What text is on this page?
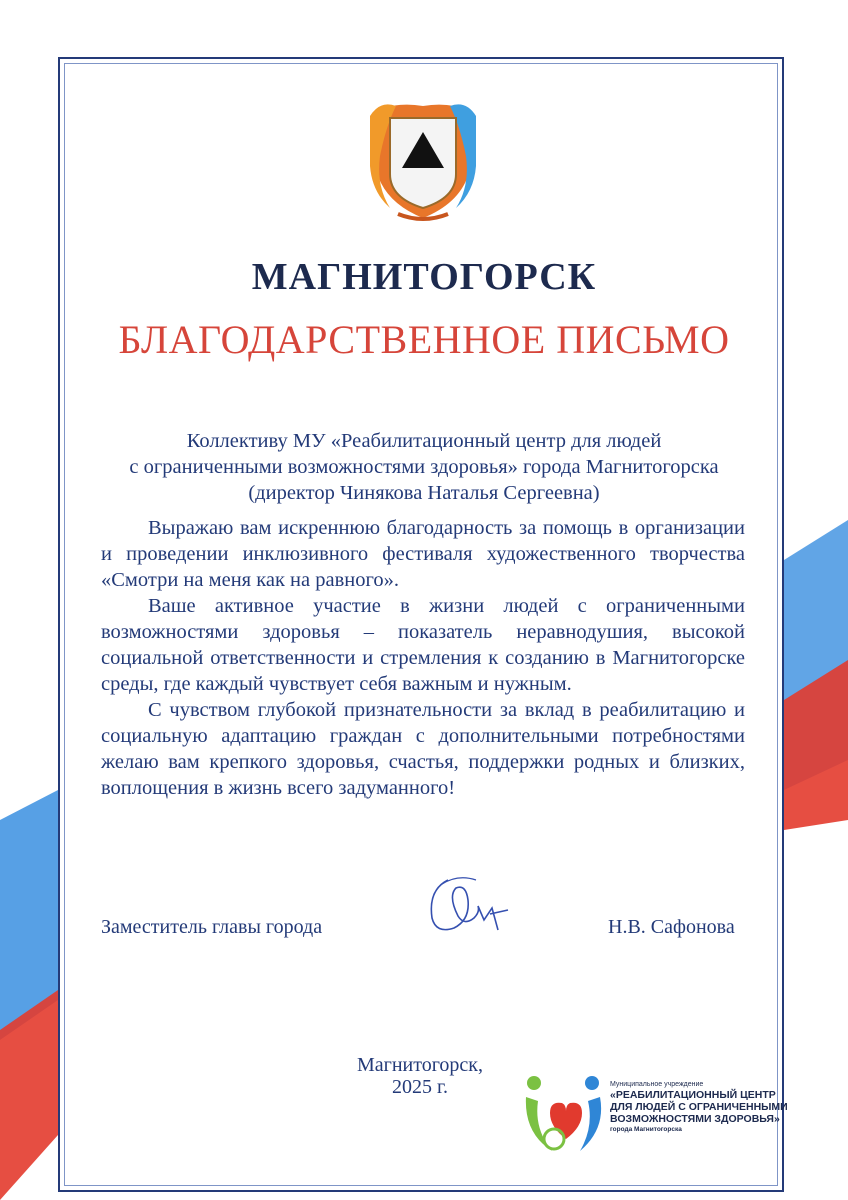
МАГНИТОГОРСК
БЛАГОДАРСТВЕННОЕ ПИСЬМО
Коллективу МУ «Реабилитационный центр для людей
с ограниченными возможностями здоровья» города Магнитогорска
(директор Чинякова Наталья Сергеевна)

Выражаю вам искреннюю благодарность за помощь в организации и проведении инклюзивного фестиваля художественного творчества «Смотри на меня как на равного».

Ваше активное участие в жизни людей с ограниченными возможностями здоровья – показатель неравнодушия, высокой социальной ответственности и стремления к созданию в Магнитогорске среды, где каждый чувствует себя важным и нужным.

С чувством глубокой признательности за вклад в реабилитацию и социальную адаптацию граждан с дополнительными потребностями желаю вам крепкого здоровья, счастья, поддержки родных и близких, воплощения в жизнь всего задуманного!

Заместитель главы города	Н.В. Сафонова
Магнитогорск,
2025 г.	Муниципальное учреждение
«РЕАБИЛИТАЦИОННЫЙ ЦЕНТР
ДЛЯ ЛЮДЕЙ С ОГРАНИЧЕННЫМИ
ВОЗМОЖНОСТЯМИ ЗДОРОВЬЯ»
города Магнитогорска
